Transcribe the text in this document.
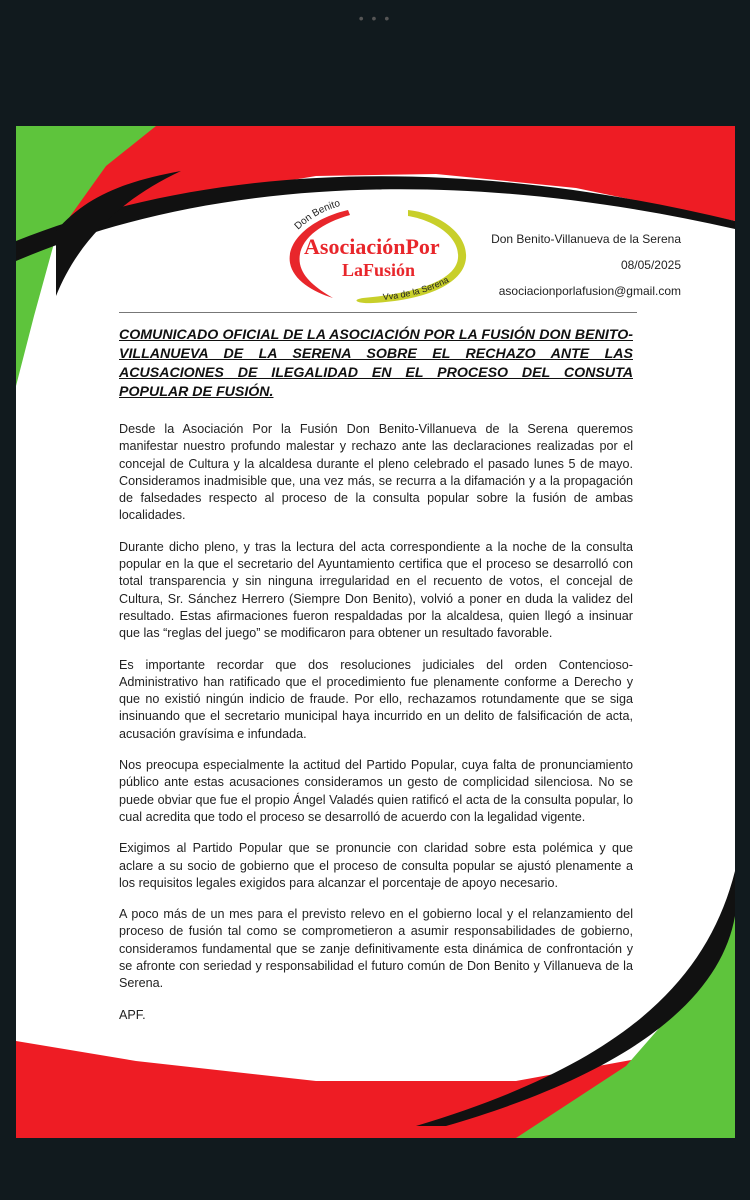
• • •
Don Benito
Vva de la Serena
AsociaciónPor
LaFusión
Don Benito-Villanueva de la Serena
08/05/2025
asociacionporlafusion@gmail.com
COMUNICADO OFICIAL DE LA ASOCIACIÓN POR LA FUSIÓN DON BENITO-VILLANUEVA DE LA SERENA SOBRE EL RECHAZO ANTE LAS ACUSACIONES DE ILEGALIDAD EN EL PROCESO DEL CONSUTA POPULAR DE FUSIÓN.

Desde la Asociación Por la Fusión Don Benito-Villanueva de la Serena queremos manifestar nuestro profundo malestar y rechazo ante las declaraciones realizadas por el concejal de Cultura y la alcaldesa durante el pleno celebrado el pasado lunes 5 de mayo. Consideramos inadmisible que, una vez más, se recurra a la difamación y a la propagación de falsedades respecto al proceso de la consulta popular sobre la fusión de ambas localidades.

Durante dicho pleno, y tras la lectura del acta correspondiente a la noche de la consulta popular en la que el secretario del Ayuntamiento certifica que el proceso se desarrolló con total transparencia y sin ninguna irregularidad en el recuento de votos, el concejal de Cultura, Sr. Sánchez Herrero (Siempre Don Benito), volvió a poner en duda la validez del resultado. Estas afirmaciones fueron respaldadas por la alcaldesa, quien llegó a insinuar que las “reglas del juego” se modificaron para obtener un resultado favorable.

Es importante recordar que dos resoluciones judiciales del orden Contencioso-Administrativo han ratificado que el procedimiento fue plenamente conforme a Derecho y que no existió ningún indicio de fraude. Por ello, rechazamos rotundamente que se siga insinuando que el secretario municipal haya incurrido en un delito de falsificación de acta, acusación gravísima e infundada.

Nos preocupa especialmente la actitud del Partido Popular, cuya falta de pronunciamiento público ante estas acusaciones consideramos un gesto de complicidad silenciosa. No se puede obviar que fue el propio Ángel Valadés quien ratificó el acta de la consulta popular, lo cual acredita que todo el proceso se desarrolló de acuerdo con la legalidad vigente.

Exigimos al Partido Popular que se pronuncie con claridad sobre esta polémica y que aclare a su socio de gobierno que el proceso de consulta popular se ajustó plenamente a los requisitos legales exigidos para alcanzar el porcentaje de apoyo necesario.

A poco más de un mes para el previsto relevo en el gobierno local y el relanzamiento del proceso de fusión tal como se comprometieron a asumir responsabilidades de gobierno, consideramos fundamental que se zanje definitivamente esta dinámica de confrontación y se afronte con seriedad y responsabilidad el futuro común de Don Benito y Villanueva de la Serena.

APF.
